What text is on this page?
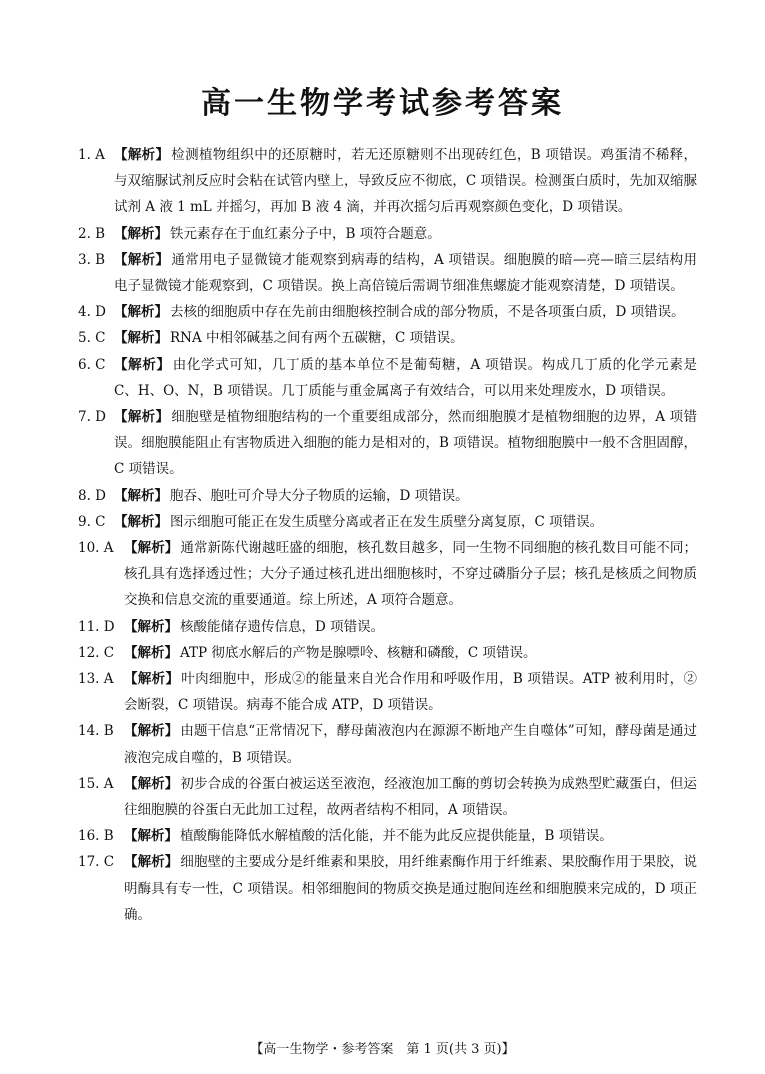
高一生物学考试参考答案
1. A 【解析】 检测植物组织中的还原糖时，若无还原糖则不出现砖红色，B 项错误。鸡蛋清不稀释，与双缩脲试剂反应时会粘在试管内壁上，导致反应不彻底，C 项错误。检测蛋白质时，先加双缩脲试剂 A 液 1 mL 并摇匀，再加 B 液 4 滴，并再次摇匀后再观察颜色变化，D 项错误。
2. B 【解析】 铁元素存在于血红素分子中，B 项符合题意。
3. B 【解析】 通常用电子显微镜才能观察到病毒的结构，A 项错误。细胞膜的暗—亮—暗三层结构用电子显微镜才能观察到，C 项错误。换上高倍镜后需调节细准焦螺旋才能观察清楚，D 项错误。
4. D 【解析】 去核的细胞质中存在先前由细胞核控制合成的部分物质，不是各项蛋白质，D 项错误。
5. C 【解析】 RNA 中相邻碱基之间有两个五碳糖，C 项错误。
6. C 【解析】 由化学式可知，几丁质的基本单位不是葡萄糖，A 项错误。构成几丁质的化学元素是 C、H、O、N，B 项错误。几丁质能与重金属离子有效结合，可以用来处理废水，D 项错误。
7. D 【解析】 细胞壁是植物细胞结构的一个重要组成部分，然而细胞膜才是植物细胞的边界，A 项错误。细胞膜能阻止有害物质进入细胞的能力是相对的，B 项错误。植物细胞膜中一般不含胆固醇，C 项错误。
8. D 【解析】 胞吞、胞吐可介导大分子物质的运输，D 项错误。
9. C 【解析】 图示细胞可能正在发生质壁分离或者正在发生质壁分离复原，C 项错误。
10. A 【解析】 通常新陈代谢越旺盛的细胞，核孔数目越多，同一生物不同细胞的核孔数目可能不同；核孔具有选择透过性；大分子通过核孔进出细胞核时，不穿过磷脂分子层；核孔是核质之间物质交换和信息交流的重要通道。综上所述，A 项符合题意。
11. D 【解析】 核酸能储存遗传信息，D 项错误。
12. C 【解析】 ATP 彻底水解后的产物是腺嘌呤、核糖和磷酸，C 项错误。
13. A 【解析】 叶肉细胞中，形成②的能量来自光合作用和呼吸作用，B 项错误。ATP 被利用时，②会断裂，C 项错误。病毒不能合成 ATP，D 项错误。
14. B 【解析】 由题干信息“正常情况下，酵母菌液泡内在源源不断地产生自噬体”可知，酵母菌是通过液泡完成自噬的，B 项错误。
15. A 【解析】 初步合成的谷蛋白被运送至液泡，经液泡加工酶的剪切会转换为成熟型贮藏蛋白，但运往细胞膜的谷蛋白无此加工过程，故两者结构不相同，A 项错误。
16. B 【解析】 植酸酶能降低水解植酸的活化能，并不能为此反应提供能量，B 项错误。
17. C 【解析】 细胞壁的主要成分是纤维素和果胶，用纤维素酶作用于纤维素、果胶酶作用于果胶，说明酶具有专一性，C 项错误。相邻细胞间的物质交换是通过胞间连丝和细胞膜来完成的，D 项正确。
【高一生物学・参考答案　第 1 页(共 3 页)】
